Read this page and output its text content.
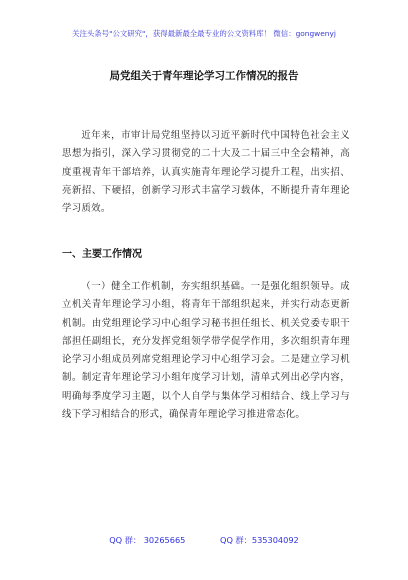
关注头条号"公文研究"，获得最新最全最专业的公文资料库！ 微信：gongwenyj
局党组关于青年理论学习工作情况的报告
近年来，市审计局党组坚持以习近平新时代中国特色社会主义思想为指引，深入学习贯彻党的二十大及二十届三中全会精神，高度重视青年干部培养，认真实施青年理论学习提升工程，出实招、亮新招、下硬招，创新学习形式丰富学习载体，不断提升青年理论学习质效。
一、主要工作情况
（一）健全工作机制，夯实组织基础。一是强化组织领导。成立机关青年理论学习小组，将青年干部组织起来，并实行动态更新机制。由党组理论学习中心组学习秘书担任组长、机关党委专职干部担任副组长，充分发挥党组领学带学促学作用，多次组织青年理论学习小组成员列席党组理论学习中心组学习会。二是建立学习机制。制定青年理论学习小组年度学习计划，清单式列出必学内容，明确每季度学习主题，以个人自学与集体学习相结合、线上学习与线下学习相结合的形式，确保青年理论学习推进常态化。
QQ 群： 30265665	QQ 群：535304092
